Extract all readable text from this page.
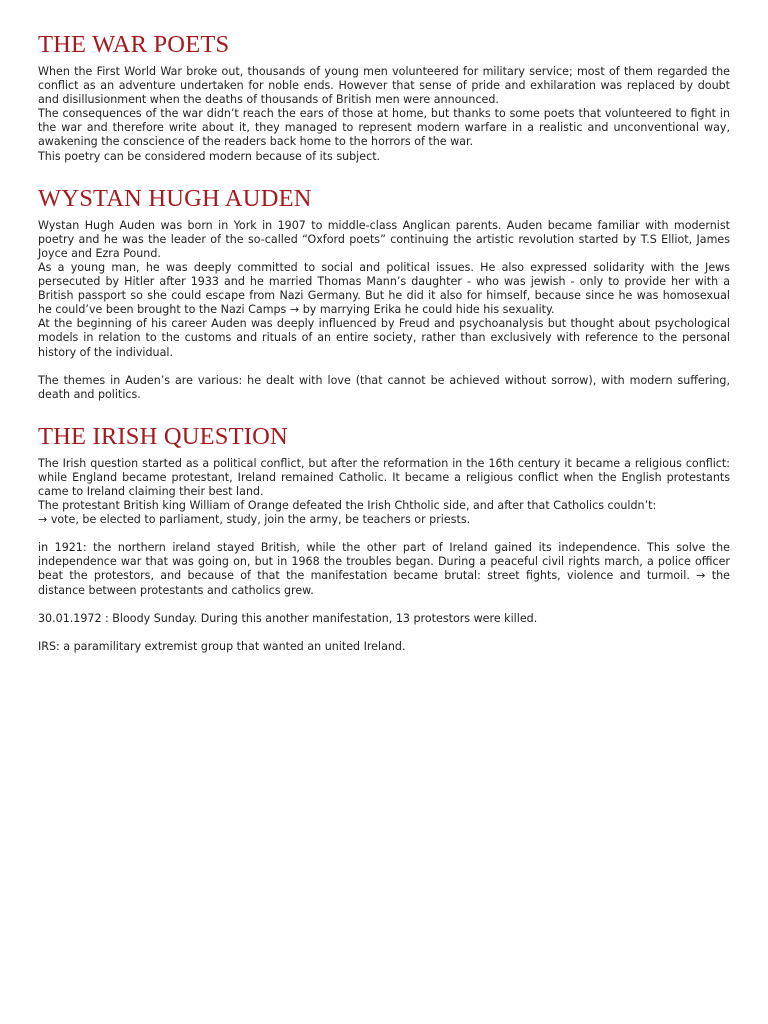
THE WAR POETS

When the First World War broke out, thousands of young men volunteered for military service; most of them regarded the conflict as an adventure undertaken for noble ends. However that sense of pride and exhilaration was replaced by doubt and disillusionment when the deaths of thousands of British men were announced.

The consequences of the war didn’t reach the ears of those at home, but thanks to some poets that volunteered to fight in the war and therefore write about it, they managed to represent modern warfare in a realistic and unconventional way, awakening the conscience of the readers back home to the horrors of the war.

This poetry can be considered modern because of its subject.

WYSTAN HUGH AUDEN

Wystan Hugh Auden was born in York in 1907 to middle-class Anglican parents. Auden became familiar with modernist poetry and he was the leader of the so-called “Oxford poets” continuing the artistic revolution started by T.S Elliot, James Joyce and Ezra Pound.

As a young man, he was deeply committed to social and political issues. He also expressed solidarity with the Jews persecuted by Hitler after 1933 and he married Thomas Mann’s daughter - who was jewish - only to provide her with a British passport so she could escape from Nazi Germany. But he did it also for himself, because since he was homosexual he could’ve been brought to the Nazi Camps → by marrying Erika he could hide his sexuality.

At the beginning of his career Auden was deeply influenced by Freud and psychoanalysis but thought about psychological models in relation to the customs and rituals of an entire society, rather than exclusively with reference to the personal history of the individual.

The themes in Auden’s are various: he dealt with love (that cannot be achieved without sorrow), with modern suffering, death and politics.

THE IRISH QUESTION

The Irish question started as a political conflict, but after the reformation in the 16th century it became a religious conflict: while England became protestant, Ireland remained Catholic. It became a religious conflict when the English protestants came to Ireland claiming their best land.

The protestant British king William of Orange defeated the Irish Chtholic side, and after that Catholics couldn’t:

→ vote, be elected to parliament, study, join the army, be teachers or priests.

in 1921: the northern ireland stayed British, while the other part of Ireland gained its independence. This solve the independence war that was going on, but in 1968 the troubles began. During a peaceful civil rights march, a police officer beat the protestors, and because of that the manifestation became brutal: street fights, violence and turmoil. → the distance between protestants and catholics grew.

30.01.1972 : Bloody Sunday. During this another manifestation, 13 protestors were killed.

IRS: a paramilitary extremist group that wanted an united Ireland.
